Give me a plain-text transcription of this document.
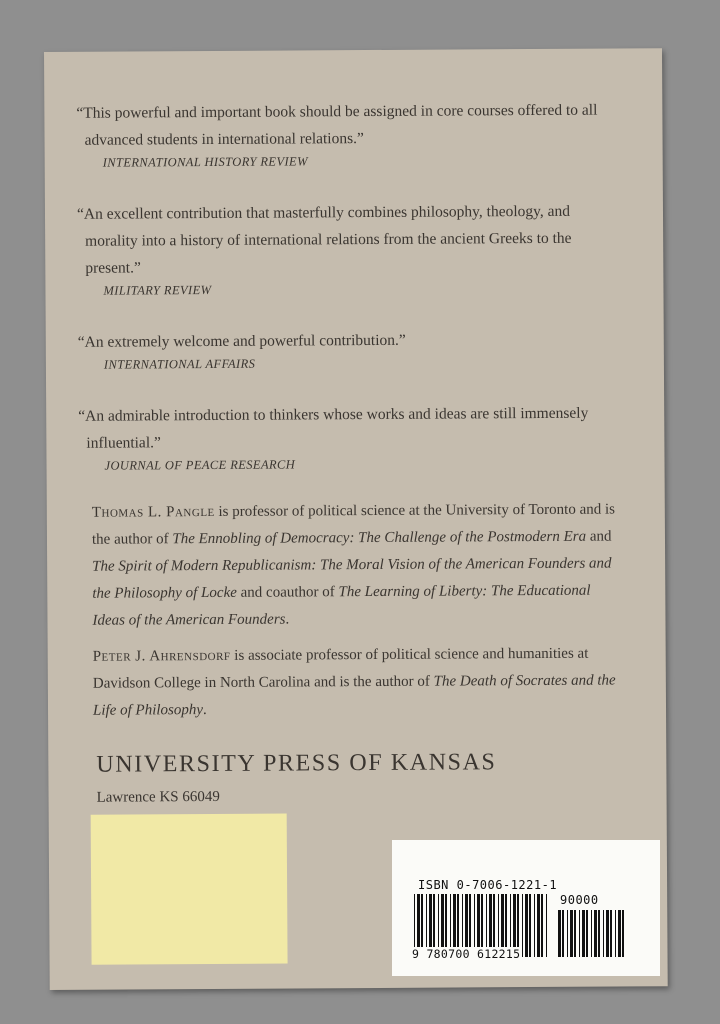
“This powerful and important book should be assigned in core courses offered to all advanced students in international relations.”

INTERNATIONAL HISTORY REVIEW

“An excellent contribution that masterfully combines philosophy, theology, and morality into a history of international relations from the ancient Greeks to the present.”

MILITARY REVIEW

“An extremely welcome and powerful contribution.”

INTERNATIONAL AFFAIRS

“An admirable introduction to thinkers whose works and ideas are still immensely influential.”

JOURNAL OF PEACE RESEARCH

Thomas L. Pangle is professor of political science at the University of Toronto and is the author of The Ennobling of Democracy: The Challenge of the Postmodern Era and The Spirit of Modern Republicanism: The Moral Vision of the American Founders and the Philosophy of Locke and coauthor of The Learning of Liberty: The Educational Ideas of the American Founders.

Peter J. Ahrensdorf is associate professor of political science and humanities at Davidson College in North Carolina and is the author of The Death of Socrates and the Life of Philosophy.

UNIVERSITY PRESS OF KANSAS
Lawrence KS 66049
ISBN 0-7006-1221-1
90000
9 780700 612215
